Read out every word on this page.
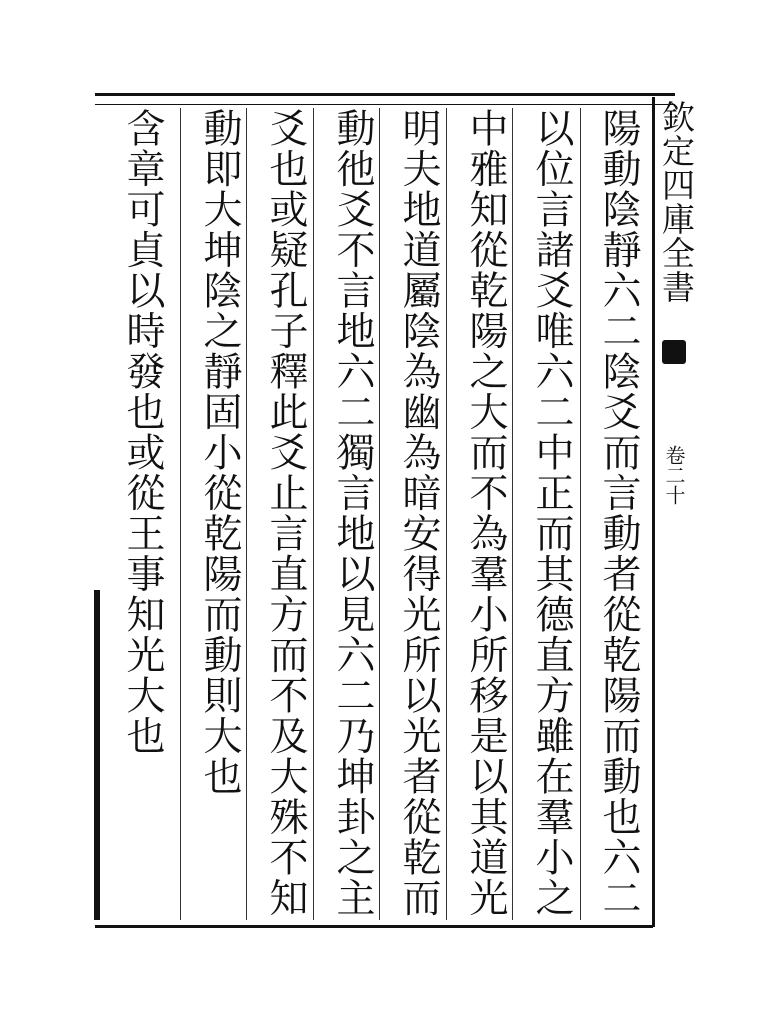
欽定四庫全書
卷二十
陽動陰靜六二陰爻而言動者從乾陽而動也六二
以位言諸爻唯六二中正而其德直方雖在羣小之
中雅知從乾陽之大而不為羣小所移是以其道光
明夫地道屬陰為幽為暗安得光所以光者從乾而
動彵爻不言地六二獨言地以見六二乃坤卦之主
爻也或疑孔子釋此爻止言直方而不及大殊不知
動即大坤陰之靜固小從乾陽而動則大也
含章可貞以時發也或從王事知光大也
